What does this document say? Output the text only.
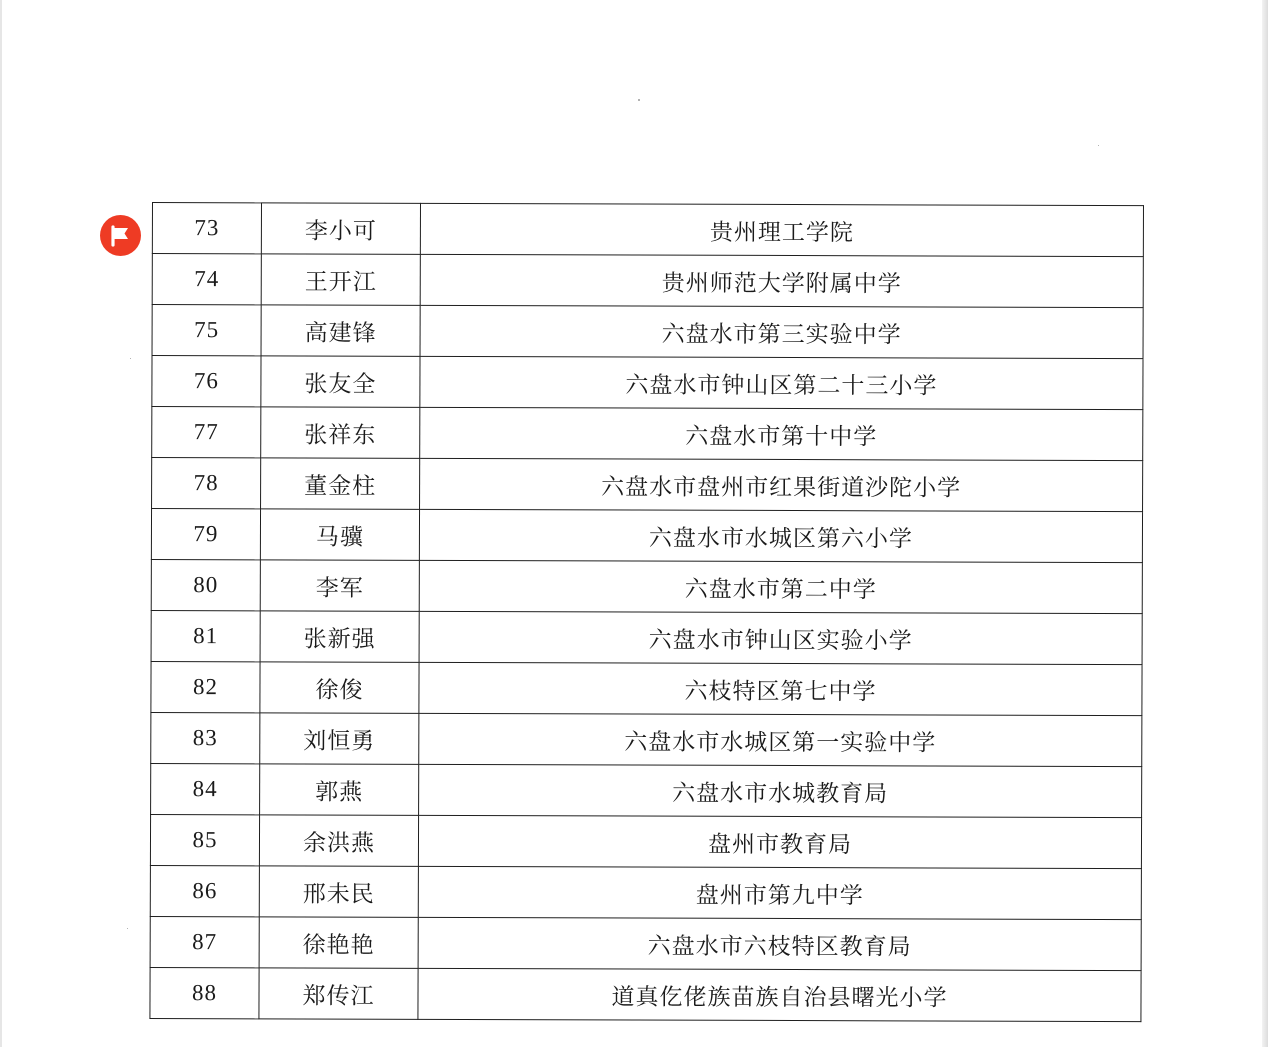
73	李小可	贵州理工学院
74	王开江	贵州师范大学附属中学
75	高建锋	六盘水市第三实验中学
76	张友全	六盘水市钟山区第二十三小学
77	张祥东	六盘水市第十中学
78	董金柱	六盘水市盘州市红果街道沙陀小学
79	马骥	六盘水市水城区第六小学
80	李军	六盘水市第二中学
81	张新强	六盘水市钟山区实验小学
82	徐俊	六枝特区第七中学
83	刘恒勇	六盘水市水城区第一实验中学
84	郭燕	六盘水市水城教育局
85	余洪燕	盘州市教育局
86	邢未民	盘州市第九中学
87	徐艳艳	六盘水市六枝特区教育局
88	郑传江	道真仡佬族苗族自治县曙光小学
